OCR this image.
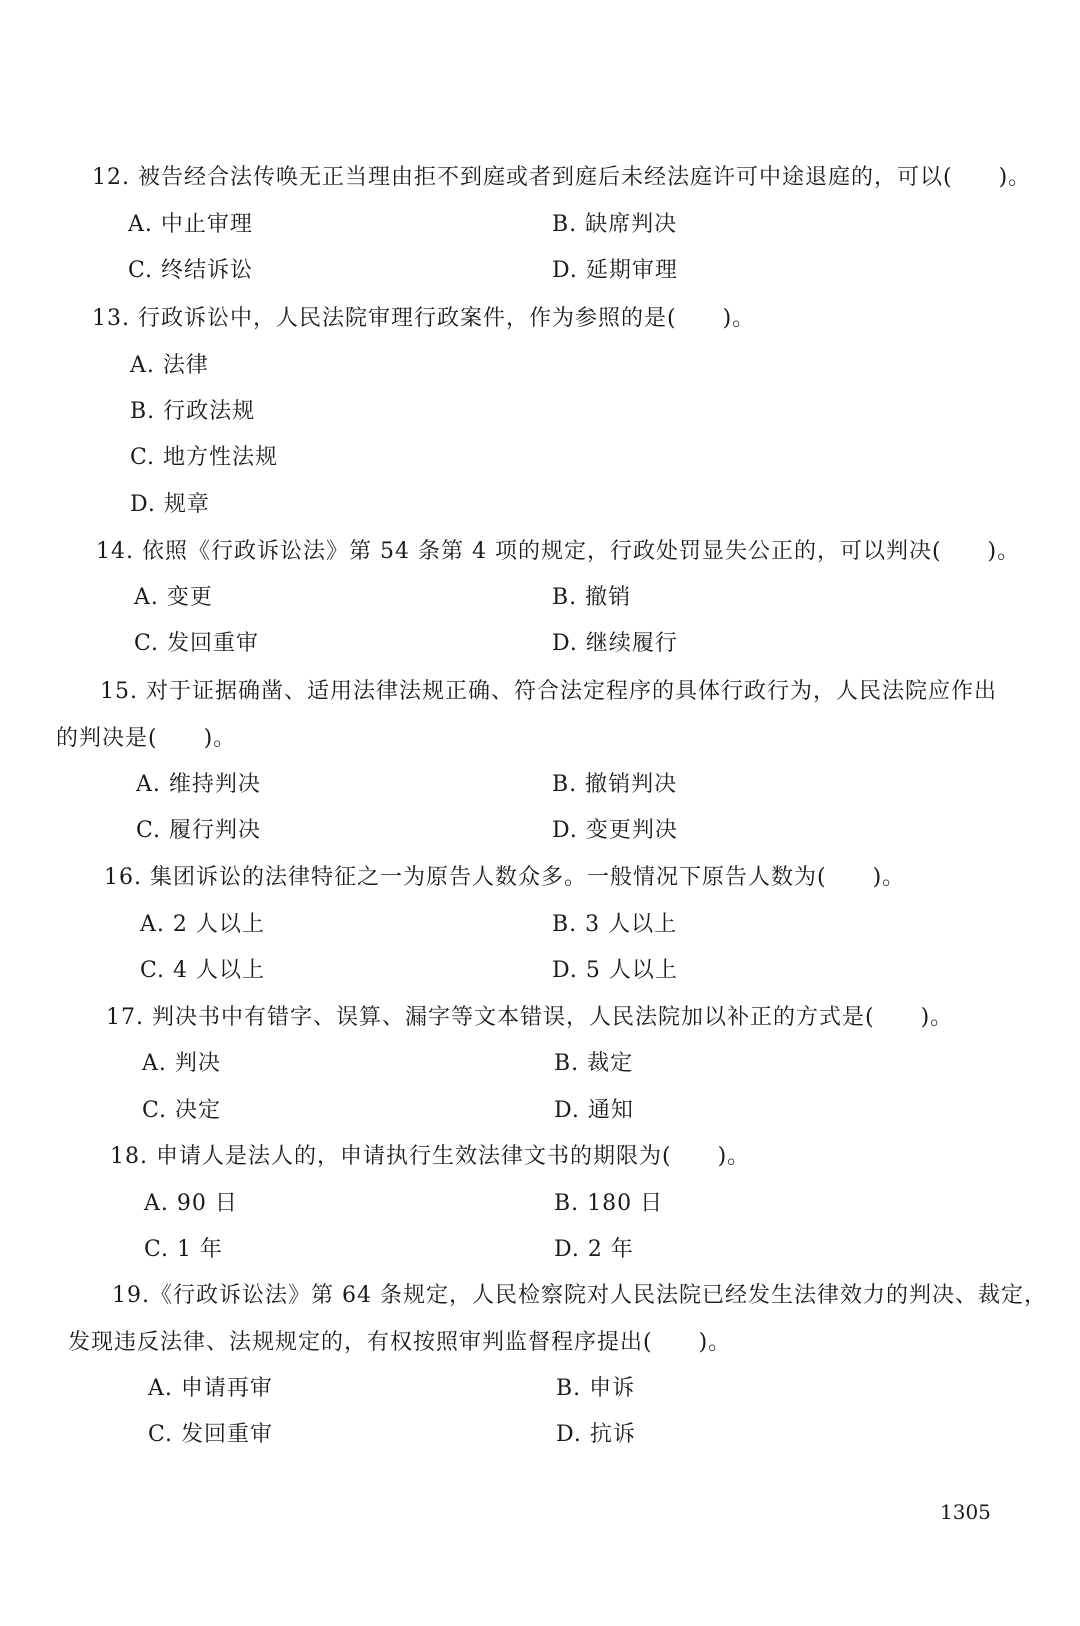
12. 被告经合法传唤无正当理由拒不到庭或者到庭后未经法庭许可中途退庭的，可以(　　)。
A. 中止审理	B. 缺席判决
C. 终结诉讼	D. 延期审理
13. 行政诉讼中，人民法院审理行政案件，作为参照的是(　　)。
A. 法律
B. 行政法规
C. 地方性法规
D. 规章
14. 依照《行政诉讼法》第 54 条第 4 项的规定，行政处罚显失公正的，可以判决(　　)。
A. 变更	B. 撤销
C. 发回重审	D. 继续履行
15. 对于证据确凿、适用法律法规正确、符合法定程序的具体行政行为，人民法院应作出
的判决是(　　)。
A. 维持判决	B. 撤销判决
C. 履行判决	D. 变更判决
16. 集团诉讼的法律特征之一为原告人数众多。一般情况下原告人数为(　　)。
A. 2 人以上	B. 3 人以上
C. 4 人以上	D. 5 人以上
17. 判决书中有错字、误算、漏字等文本错误，人民法院加以补正的方式是(　　)。
A. 判决	B. 裁定
C. 决定	D. 通知
18. 申请人是法人的，申请执行生效法律文书的期限为(　　)。
A. 90 日	B. 180 日
C. 1 年	D. 2 年
19.《行政诉讼法》第 64 条规定，人民检察院对人民法院已经发生法律效力的判决、裁定，
发现违反法律、法规规定的，有权按照审判监督程序提出(　　)。
A. 申请再审	B. 申诉
C. 发回重审	D. 抗诉
1305
